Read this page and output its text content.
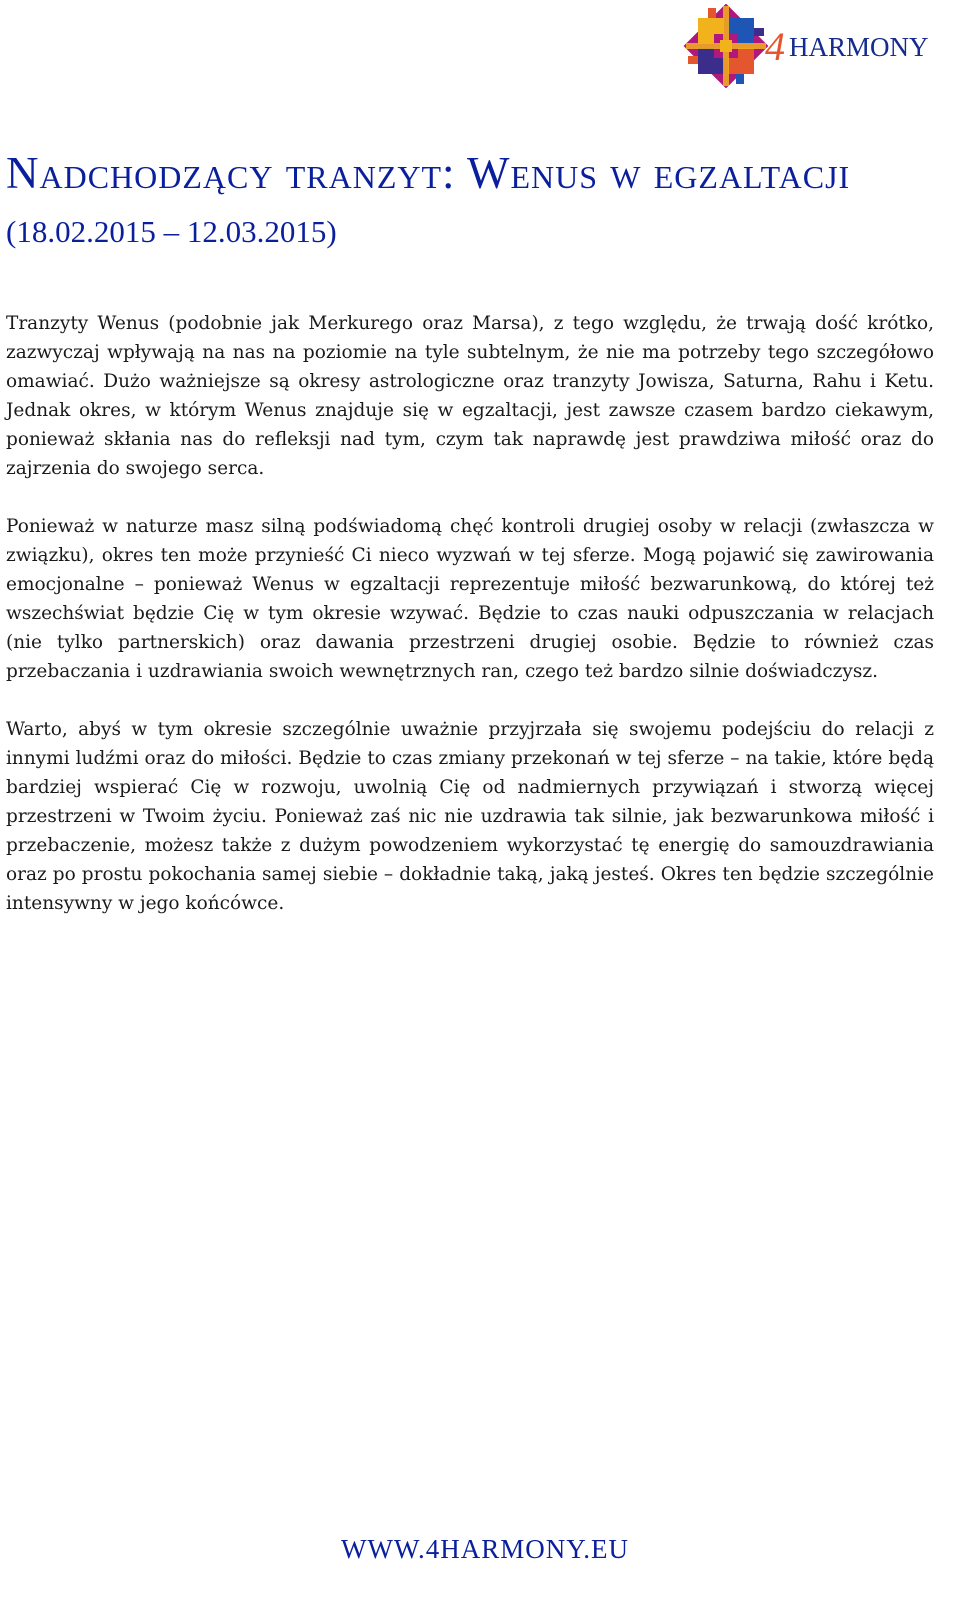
4 HARMONY
Nadchodzący tranzyt: Wenus w egzaltacji
(18.02.2015 – 12.03.2015)

Tranzyty Wenus (podobnie jak Merkurego oraz Marsa), z tego względu, że trwają dość krótko, zazwyczaj wpływają na nas na poziomie na tyle subtelnym, że nie ma potrzeby tego szczegółowo omawiać. Dużo ważniejsze są okresy astrologiczne oraz tranzyty Jowisza, Saturna, Rahu i Ketu. Jednak okres, w którym Wenus znajduje się w egzaltacji, jest zawsze czasem bardzo ciekawym, ponieważ skłania nas do refleksji nad tym, czym tak naprawdę jest prawdziwa miłość oraz do zajrzenia do swojego serca.

Ponieważ w naturze masz silną podświadomą chęć kontroli drugiej osoby w relacji (zwłaszcza w związku), okres ten może przynieść Ci nieco wyzwań w tej sferze. Mogą pojawić się zawirowania emocjonalne – ponieważ Wenus w egzaltacji reprezentuje miłość bezwarunkową, do której też wszechświat będzie Cię w tym okresie wzywać. Będzie to czas nauki odpuszczania w relacjach (nie tylko partnerskich) oraz dawania przestrzeni drugiej osobie. Będzie to również czas przebaczania i uzdrawiania swoich wewnętrznych ran, czego też bardzo silnie doświadczysz.

Warto, abyś w tym okresie szczególnie uważnie przyjrzała się swojemu podejściu do relacji z innymi ludźmi oraz do miłości. Będzie to czas zmiany przekonań w tej sferze – na takie, które będą bardziej wspierać Cię w rozwoju, uwolnią Cię od nadmiernych przywiązań i stworzą więcej przestrzeni w Twoim życiu. Ponieważ zaś nic nie uzdrawia tak silnie, jak bezwarunkowa miłość i przebaczenie, możesz także z dużym powodzeniem wykorzystać tę energię do samouzdrawiania oraz po prostu pokochania samej siebie – dokładnie taką, jaką jesteś. Okres ten będzie szczególnie intensywny w jego końcówce.

WWW.4HARMONY.EU
